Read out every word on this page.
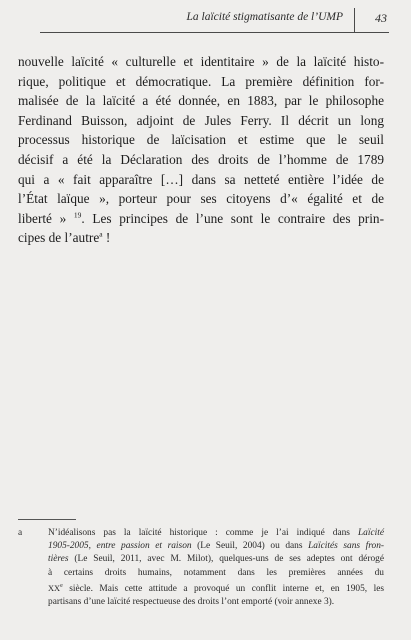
La laïcité stigmatisante de l’UMP	43
nouvelle laïcité « culturelle et identitaire » de la laïcité histo-
rique, politique et démocratique. La première définition for-
malisée de la laïcité a été donnée, en 1883, par le philosophe
Ferdinand Buisson, adjoint de Jules Ferry. Il décrit un long
processus historique de laïcisation et estime que le seuil
décisif a été la Déclaration des droits de l’homme de 1789
qui a « fait apparaître […] dans sa netteté entière l’idée de
l’État laïque », porteur pour ses citoyens d’« égalité et de
liberté » $^{19}$. Les principes de l’une sont le contraire des prin-
cipes de l’autre$^a$ !
a	N’idéalisons pas la laïcité historique : comme je l’ai indiqué dans Laïcité
1905-2005, entre passion et raison (Le Seuil, 2004) ou dans Laïcités sans fron-
tières (Le Seuil, 2011, avec M. Milot), quelques-uns de ses adeptes ont dérogé
à certains droits humains, notamment dans les premières années du
XXe siècle. Mais cette attitude a provoqué un conflit interne et, en 1905, les
partisans d’une laïcité respectueuse des droits l’ont emporté (voir annexe 3).
